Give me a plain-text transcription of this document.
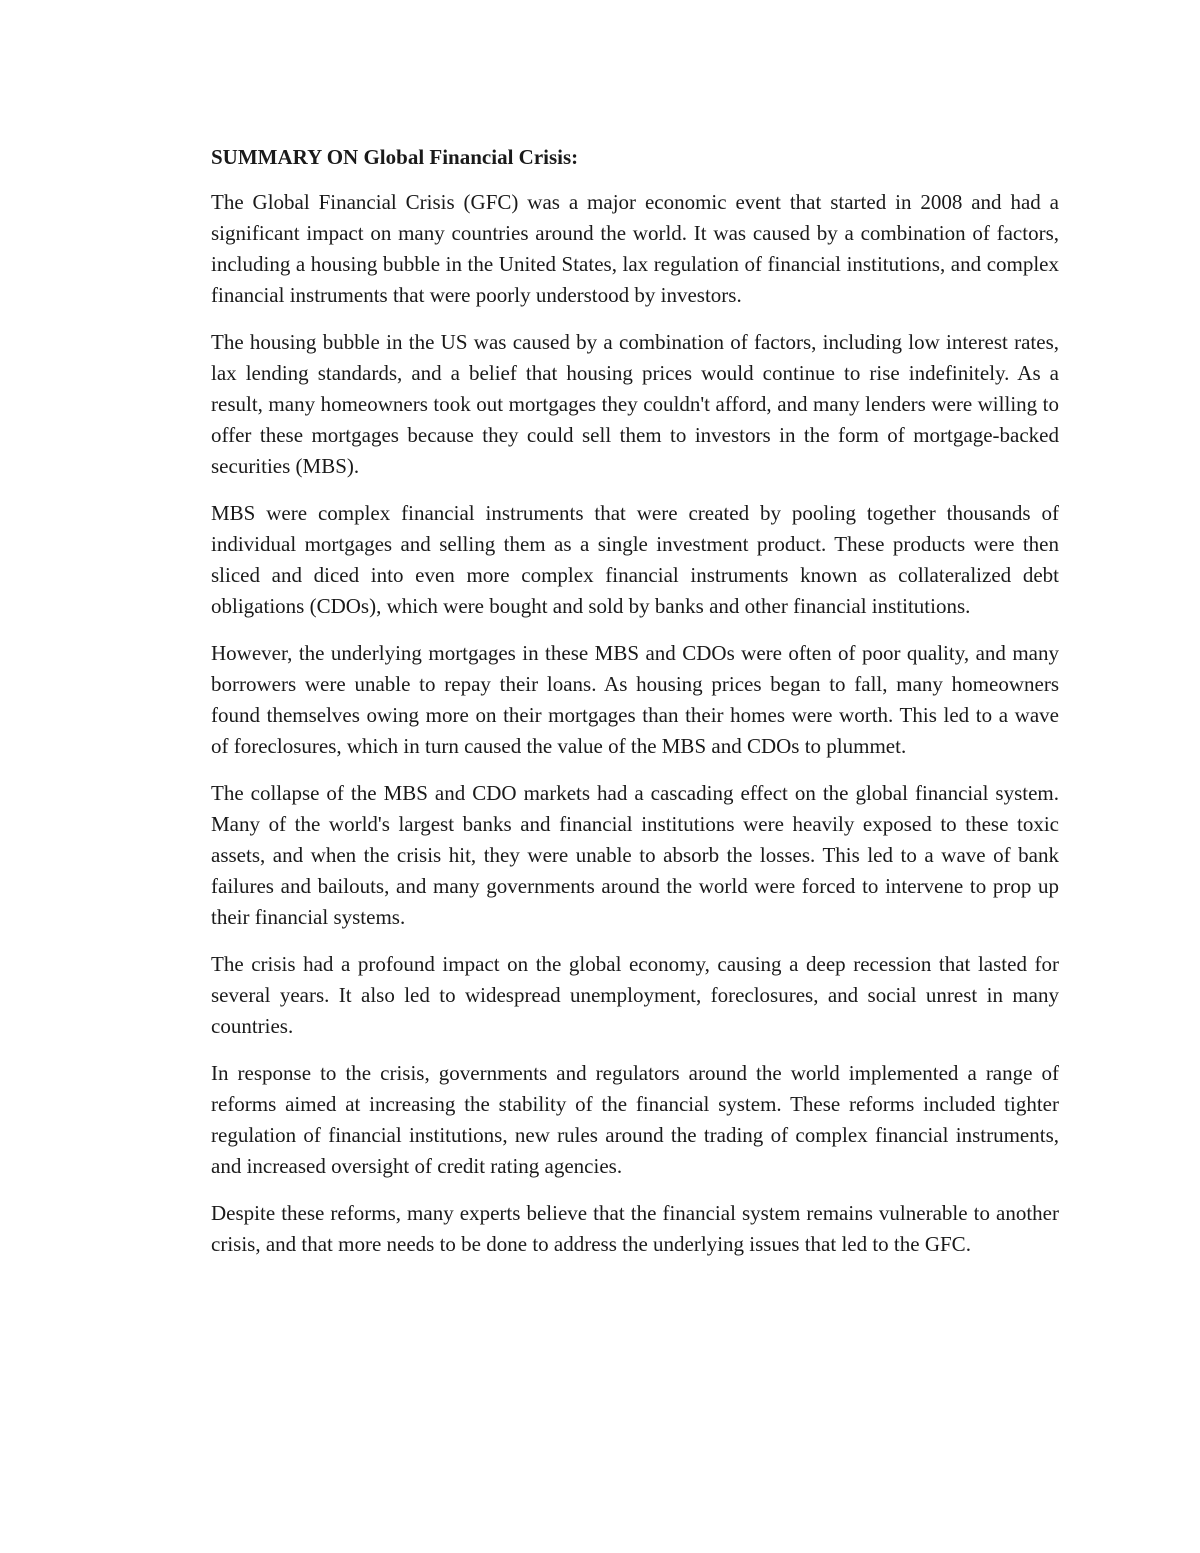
SUMMARY ON Global Financial Crisis:

The Global Financial Crisis (GFC) was a major economic event that started in 2008 and had a significant impact on many countries around the world. It was caused by a combination of factors, including a housing bubble in the United States, lax regulation of financial institutions, and complex financial instruments that were poorly understood by investors.

The housing bubble in the US was caused by a combination of factors, including low interest rates, lax lending standards, and a belief that housing prices would continue to rise indefinitely. As a result, many homeowners took out mortgages they couldn't afford, and many lenders were willing to offer these mortgages because they could sell them to investors in the form of mortgage-backed securities (MBS).

MBS were complex financial instruments that were created by pooling together thousands of individual mortgages and selling them as a single investment product. These products were then sliced and diced into even more complex financial instruments known as collateralized debt obligations (CDOs), which were bought and sold by banks and other financial institutions.

However, the underlying mortgages in these MBS and CDOs were often of poor quality, and many borrowers were unable to repay their loans. As housing prices began to fall, many homeowners found themselves owing more on their mortgages than their homes were worth. This led to a wave of foreclosures, which in turn caused the value of the MBS and CDOs to plummet.

The collapse of the MBS and CDO markets had a cascading effect on the global financial system. Many of the world's largest banks and financial institutions were heavily exposed to these toxic assets, and when the crisis hit, they were unable to absorb the losses. This led to a wave of bank failures and bailouts, and many governments around the world were forced to intervene to prop up their financial systems.

The crisis had a profound impact on the global economy, causing a deep recession that lasted for several years. It also led to widespread unemployment, foreclosures, and social unrest in many countries.

In response to the crisis, governments and regulators around the world implemented a range of reforms aimed at increasing the stability of the financial system. These reforms included tighter regulation of financial institutions, new rules around the trading of complex financial instruments, and increased oversight of credit rating agencies.

Despite these reforms, many experts believe that the financial system remains vulnerable to another crisis, and that more needs to be done to address the underlying issues that led to the GFC.
